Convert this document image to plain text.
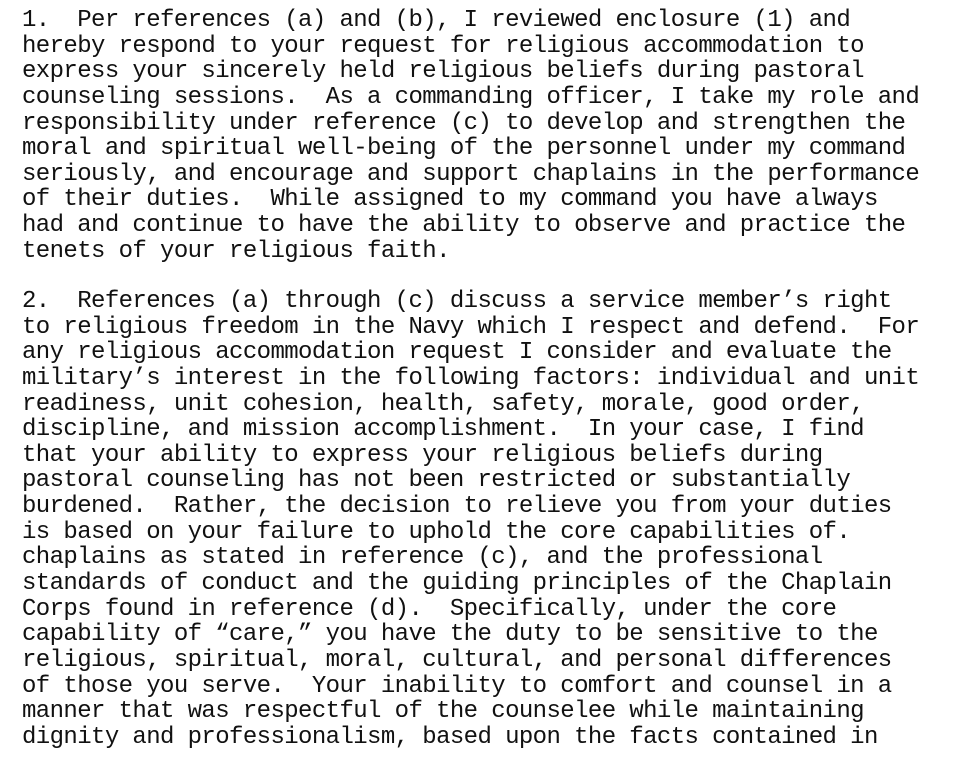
1.  Per references (a) and (b), I reviewed enclosure (1) and
hereby respond to your request for religious accommodation to
express your sincerely held religious beliefs during pastoral
counseling sessions.  As a commanding officer, I take my role and
responsibility under reference (c) to develop and strengthen the
moral and spiritual well-being of the personnel under my command
seriously, and encourage and support chaplains in the performance
of their duties.  While assigned to my command you have always
had and continue to have the ability to observe and practice the
tenets of your religious faith.
2.  References (a) through (c) discuss a service member’s right
to religious freedom in the Navy which I respect and defend.  For
any religious accommodation request I consider and evaluate the
military’s interest in the following factors: individual and unit
readiness, unit cohesion, health, safety, morale, good order,
discipline, and mission accomplishment.  In your case, I find
that your ability to express your religious beliefs during
pastoral counseling has not been restricted or substantially
burdened.  Rather, the decision to relieve you from your duties
is based on your failure to uphold the core capabilities of.
chaplains as stated in reference (c), and the professional
standards of conduct and the guiding principles of the Chaplain
Corps found in reference (d).  Specifically, under the core
capability of “care,” you have the duty to be sensitive to the
religious, spiritual, moral, cultural, and personal differences
of those you serve.  Your inability to comfort and counsel in a
manner that was respectful of the counselee while maintaining
dignity and professionalism, based upon the facts contained in
